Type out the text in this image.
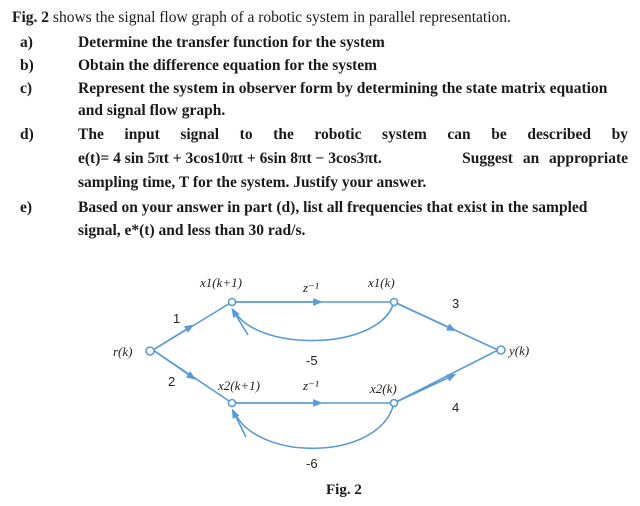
Fig. 2 shows the signal flow graph of a robotic system in parallel representation.
a)	Determine the transfer function for the system
b)	Obtain the difference equation for the system
c)	Represent the system in observer form by determining the state matrix equation
and signal flow graph.
d)	The input signal to the robotic system can be described by
e(t)= 4 sin 5πt + 3cos10πt + 6sin 8πt − 3cos3πt.	Suggest an appropriate
sampling time, T for the system. Justify your answer.
e)	Based on your answer in part (d), list all frequencies that exist in the sampled
signal, e*(t) and less than 30 rad/s.
r(k)	y(k)
x1(k+1)	x1(k)
x2(k+1)	x2(k)
1
2
z⁻¹
z⁻¹
-5
-6
3
4
Fig. 2
